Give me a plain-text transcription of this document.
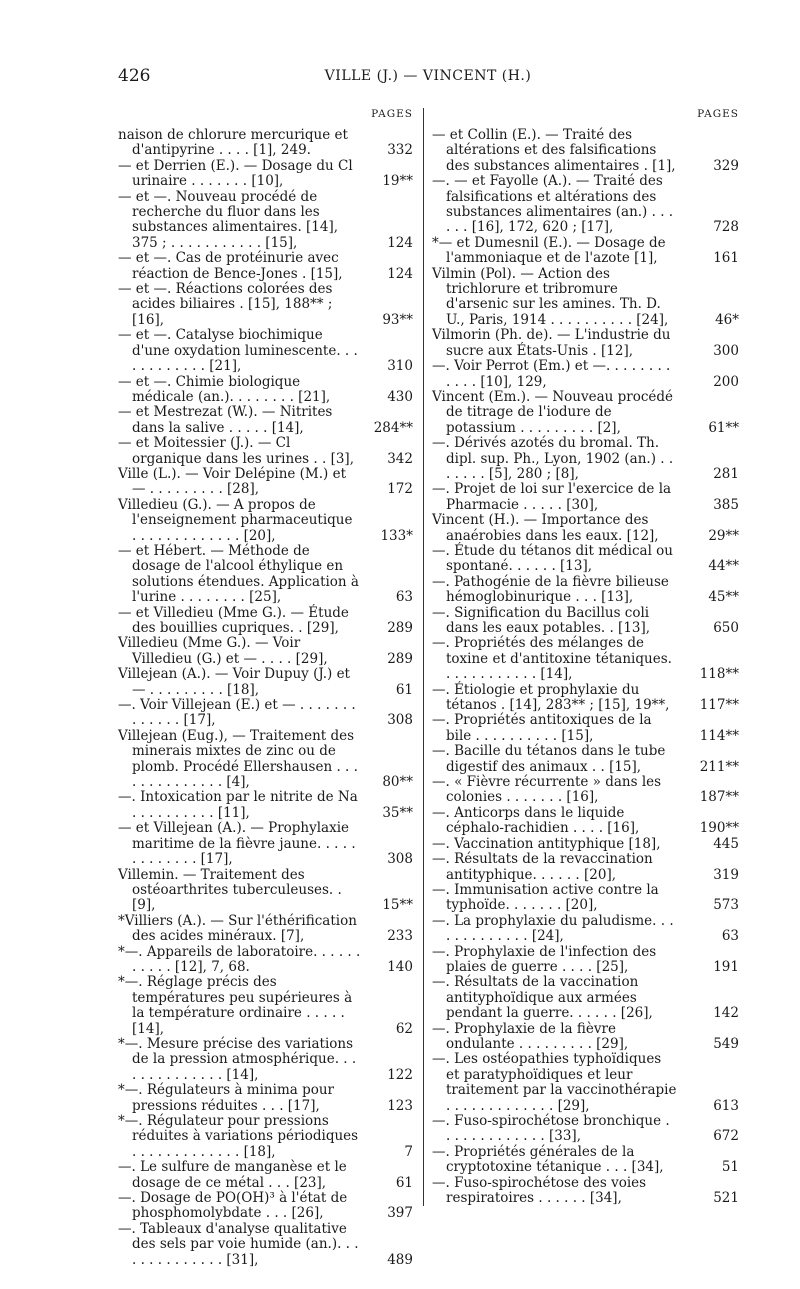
426	VILLE (J.) — VINCENT (H.)
PAGES
naison de chlorure mercurique et d'antipyrine . . . . [1], 249.	332
— et Derrien (E.). — Dosage du Cl urinaire . . . . . . . [10],	19**
— et —. Nouveau procédé de recherche du fluor dans les substances alimentaires. [14], 375 ; . . . . . . . . . . . [15],	124
— et —. Cas de protéinurie avec réaction de Bence-Jones . [15],	124
— et —. Réactions colorées des acides biliaires . [15], 188** ; [16],	93**
— et —. Catalyse biochimique d'une oxydation luminescente. . . . . . . . . . . . [21],	310
— et —. Chimie biologique médicale (an.). . . . . . . . [21],	430
— et Mestrezat (W.). — Nitrites dans la salive . . . . . [14],	284**
— et Moitessier (J.). — Cl organique dans les urines . . [3],	342
Ville (L.). — Voir Delépine (M.) et — . . . . . . . . . [28],	172
Villedieu (G.). — A propos de l'enseignement pharmaceutique . . . . . . . . . . . . . [20],	133*
— et Hébert. — Méthode de dosage de l'alcool éthylique en solutions étendues. Application à l'urine . . . . . . . . [25],	63
— et Villedieu (Mme G.). — Étude des bouillies cupriques. . [29],	289
Villedieu (Mme G.). — Voir Villedieu (G.) et — . . . . [29],	289
Villejean (A.). — Voir Dupuy (J.) et — . . . . . . . . . [18],	61
—. Voir Villejean (E.) et — . . . . . . . . . . . . . [17],	308
Villejean (Eug.), — Traitement des minerais mixtes de zinc ou de plomb. Procédé Ellershausen . . . . . . . . . . . . . . [4],	80**
—. Intoxication par le nitrite de Na . . . . . . . . . . [11],	35**
— et Villejean (A.). — Prophylaxie maritime de la fièvre jaune. . . . . . . . . . . . . [17],	308
Villemin. — Traitement des ostéoarthrites tuberculeuses. . [9],	15**
*Villiers (A.). — Sur l'éthérification des acides minéraux. [7],	233
*—. Appareils de laboratoire. . . . . . . . . . . [12], 7, 68.	140
*—. Réglage précis des températures peu supérieures à la température ordinaire . . . . . [14],	62
*—. Mesure précise des variations de la pression atmosphérique. . . . . . . . . . . . . . [14],	122
*—. Régulateurs à minima pour pressions réduites . . . [17],	123
*—. Régulateur pour pressions réduites à variations périodiques . . . . . . . . . . . . . [18],	7
—. Le sulfure de manganèse et le dosage de ce métal . . . [23],	61
—. Dosage de PO(OH)³ à l'état de phosphomolybdate . . . [26],	397
—. Tableaux d'analyse qualitative des sels par voie humide (an.). . . . . . . . . . . . . . [31],	489
PAGES
— et Collin (E.). — Traité des altérations et des falsifications des substances alimentaires . [1],	329
—. — et Fayolle (A.). — Traité des falsifications et altérations des substances alimentaires (an.) . . . . . . [16], 172, 620 ; [17],	728
*— et Dumesnil (E.). — Dosage de l'ammoniaque et de l'azote [1],	161
Vilmin (Pol). — Action des trichlorure et tribromure d'arsenic sur les amines. Th. D. U., Paris, 1914 . . . . . . . . . . [24],	46*
Vilmorin (Ph. de). — L'industrie du sucre aux États-Unis . [12],	300
—. Voir Perrot (Em.) et —. . . . . . . . . . . . [10], 129,	200
Vincent (Em.). — Nouveau procédé de titrage de l'iodure de potassium . . . . . . . . . [2],	61**
—. Dérivés azotés du bromal. Th. dipl. sup. Ph., Lyon, 1902 (an.) . . . . . . . [5], 280 ; [8],	281
—. Projet de loi sur l'exercice de la Pharmacie . . . . . [30],	385
Vincent (H.). — Importance des anaérobies dans les eaux. [12],	29**
—. Étude du tétanos dit médical ou spontané. . . . . . [13],	44**
—. Pathogénie de la fièvre bilieuse hémoglobinurique . . . [13],	45**
—. Signification du Bacillus coli dans les eaux potables. . [13],	650
—. Propriétés des mélanges de toxine et d'antitoxine tétaniques. . . . . . . . . . . . [14],	118**
—. Étiologie et prophylaxie du tétanos . [14], 283** ; [15], 19**,	117**
—. Propriétés antitoxiques de la bile . . . . . . . . . . [15],	114**
—. Bacille du tétanos dans le tube digestif des animaux . . [15],	211**
—. « Fièvre récurrente » dans les colonies . . . . . . . [16],	187**
—. Anticorps dans le liquide céphalo-rachidien . . . . [16],	190**
—. Vaccination antityphique [18],	445
—. Résultats de la revaccination antityphique. . . . . . [20],	319
—. Immunisation active contre la typhoïde. . . . . . . [20],	573
—. La prophylaxie du paludisme. . . . . . . . . . . . . [24],	63
—. Prophylaxie de l'infection des plaies de guerre . . . . [25],	191
—. Résultats de la vaccination antityphoïdique aux armées pendant la guerre. . . . . . [26],	142
—. Prophylaxie de la fièvre ondulante . . . . . . . . . [29],	549
—. Les ostéopathies typhoïdiques et paratyphoïdiques et leur traitement par la vaccinothérapie . . . . . . . . . . . . . [29],	613
—. Fuso-spirochétose bronchique . . . . . . . . . . . . . [33],	672
—. Propriétés générales de la cryptotoxine tétanique . . . [34],	51
—. Fuso-spirochétose des voies respiratoires . . . . . . [34],	521
